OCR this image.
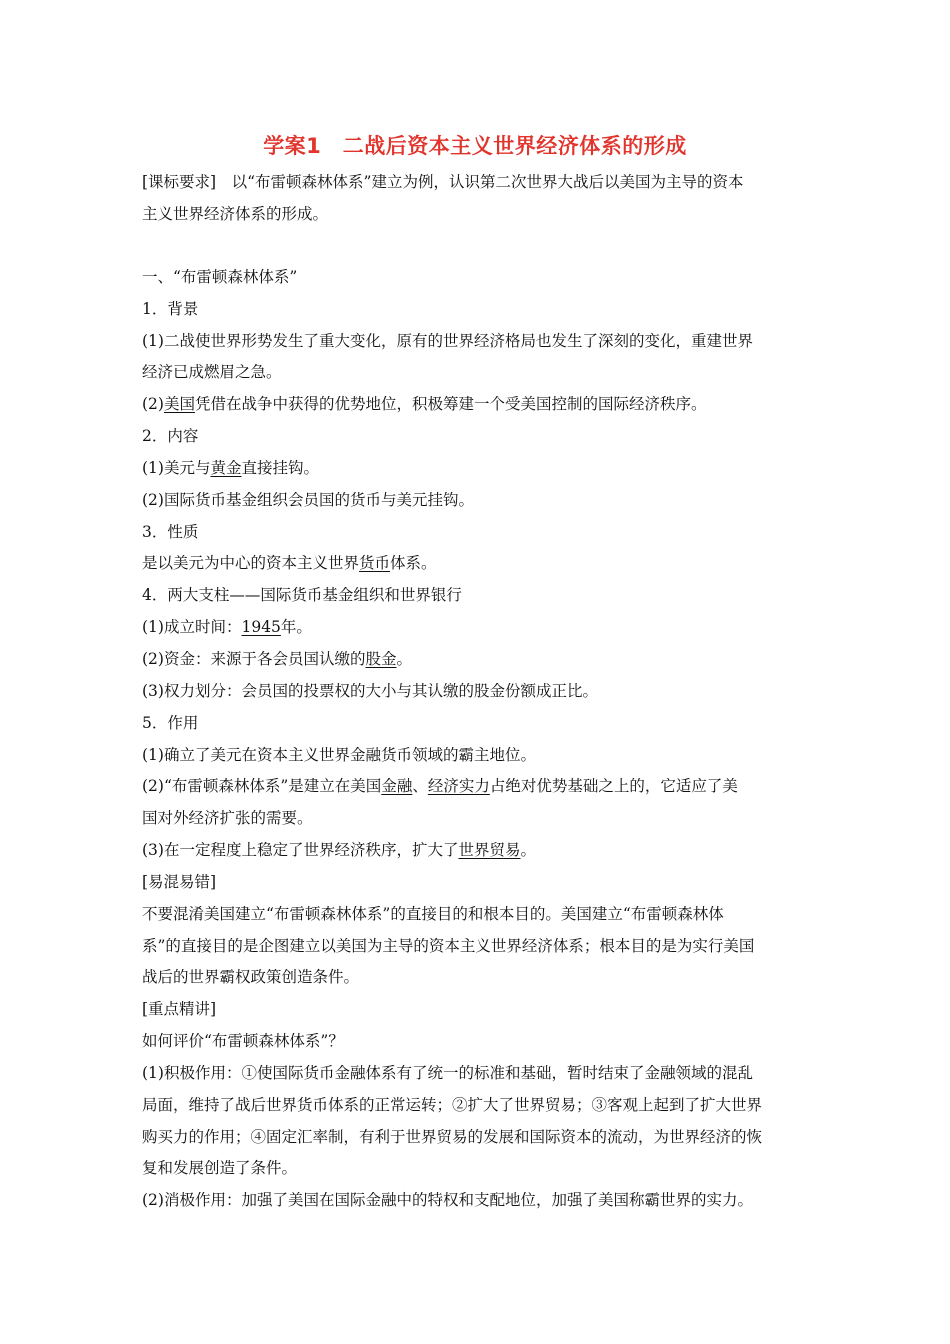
学案1　二战后资本主义世界经济体系的形成
[课标要求]　以“布雷顿森林体系”建立为例，认识第二次世界大战后以美国为主导的资本
主义世界经济体系的形成。
一、“布雷顿森林体系”
1．背景
(1)二战使世界形势发生了重大变化，原有的世界经济格局也发生了深刻的变化，重建世界
经济已成燃眉之急。
(2)美国凭借在战争中获得的优势地位，积极筹建一个受美国控制的国际经济秩序。
2．内容
(1)美元与黄金直接挂钩。
(2)国际货币基金组织会员国的货币与美元挂钩。
3．性质
是以美元为中心的资本主义世界货币体系。
4．两大支柱——国际货币基金组织和世界银行
(1)成立时间：1945年。
(2)资金：来源于各会员国认缴的股金。
(3)权力划分：会员国的投票权的大小与其认缴的股金份额成正比。
5．作用
(1)确立了美元在资本主义世界金融货币领域的霸主地位。
(2)“布雷顿森林体系”是建立在美国金融、经济实力占绝对优势基础之上的，它适应了美
国对外经济扩张的需要。
(3)在一定程度上稳定了世界经济秩序，扩大了世界贸易。
[易混易错]
不要混淆美国建立“布雷顿森林体系”的直接目的和根本目的。美国建立“布雷顿森林体
系”的直接目的是企图建立以美国为主导的资本主义世界经济体系；根本目的是为实行美国
战后的世界霸权政策创造条件。
[重点精讲]
如何评价“布雷顿森林体系”？
(1)积极作用：①使国际货币金融体系有了统一的标准和基础，暂时结束了金融领域的混乱
局面，维持了战后世界货币体系的正常运转；②扩大了世界贸易；③客观上起到了扩大世界
购买力的作用；④固定汇率制，有利于世界贸易的发展和国际资本的流动，为世界经济的恢
复和发展创造了条件。
(2)消极作用：加强了美国在国际金融中的特权和支配地位，加强了美国称霸世界的实力。
